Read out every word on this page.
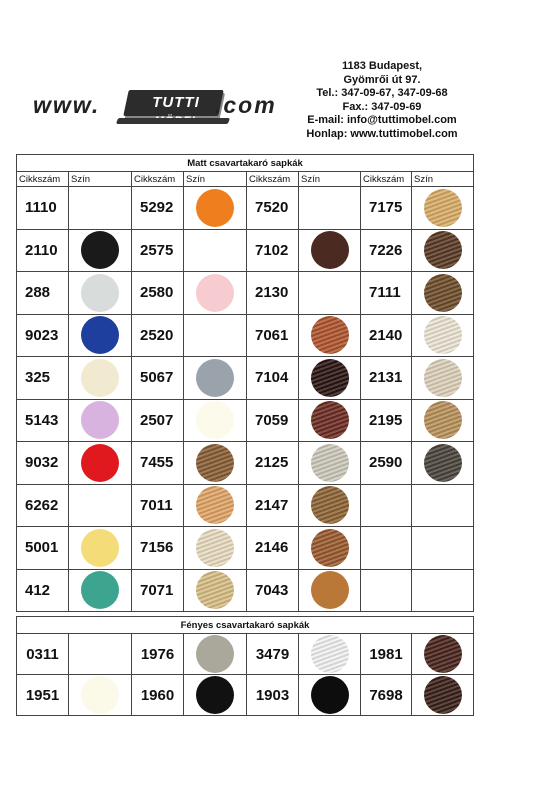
www.	TUTTI .com
1183 Budapest,
Gyömrői út 97.
Tel.: 347-09-67, 347-09-68
Fax.: 347-09-69
E-mail: info@tuttimobel.com
Honlap: www.tuttimobel.com
Matt csavartakaró sapkák							
Cikkszám	Szín	Cikkszám	Szín	Cikkszám	Szín	Cikkszám	Szín
1110		5292		7520		7175	

2110		2575		7102		7226	

288		2580		2130		7111	

9023		2520		7061		2140	

325		5067		7104		2131	

5143		2507		7059		2195	

9032		7455		2125		2590	

6262		7011		2147	

5001		7156		2146	

412		7071		7043	

Fényes csavartakaró sapkák							
0311		1976		3479		1981	

1951		1960		1903		7698	
